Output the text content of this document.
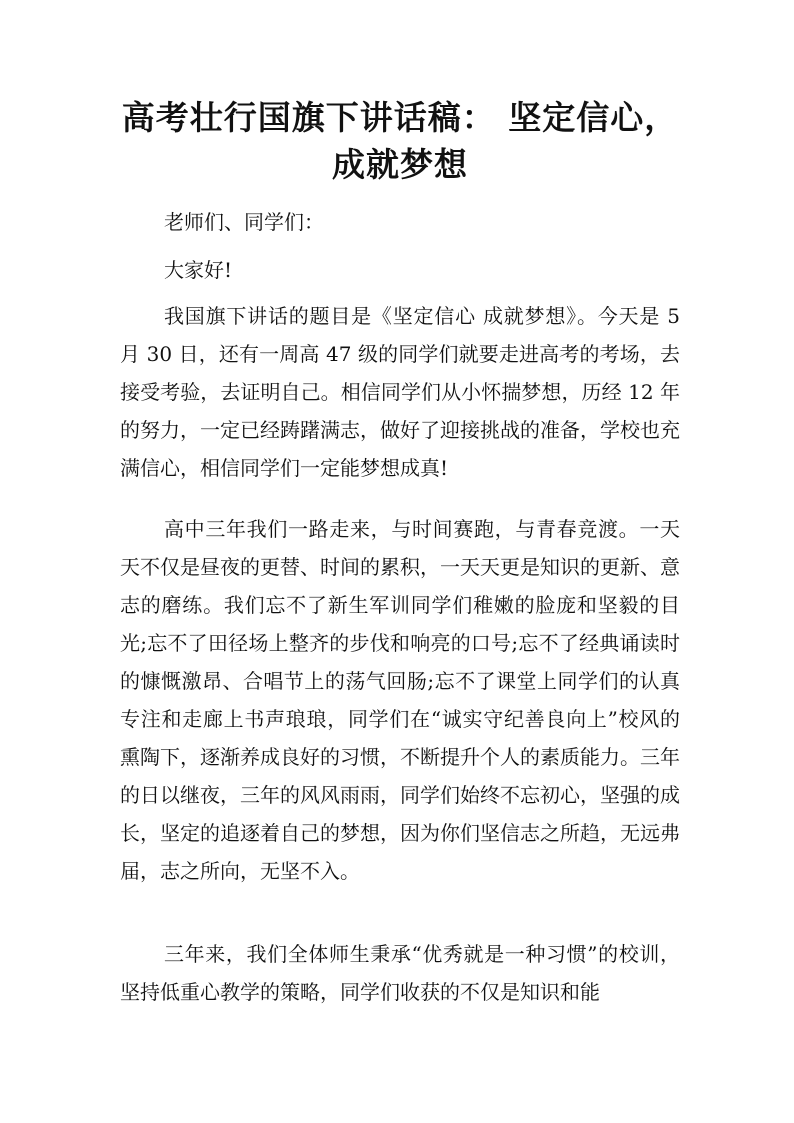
高考壮行国旗下讲话稿： 坚定信心，成就梦想
老师们、同学们：
大家好!
我国旗下讲话的题目是《坚定信心 成就梦想》。今天是 5 月 30 日，还有一周高 47 级的同学们就要走进高考的考场，去接受考验，去证明自己。相信同学们从小怀揣梦想，历经 12 年的努力，一定已经踌躇满志，做好了迎接挑战的准备，学校也充满信心，相信同学们一定能梦想成真!
高中三年我们一路走来，与时间赛跑，与青春竞渡。一天天不仅是昼夜的更替、时间的累积，一天天更是知识的更新、意志的磨练。我们忘不了新生军训同学们稚嫩的脸庞和坚毅的目光;忘不了田径场上整齐的步伐和响亮的口号;忘不了经典诵读时的慷慨激昂、合唱节上的荡气回肠;忘不了课堂上同学们的认真专注和走廊上书声琅琅，同学们在“诚实守纪善良向上”校风的熏陶下，逐渐养成良好的习惯，不断提升个人的素质能力。三年的日以继夜，三年的风风雨雨，同学们始终不忘初心，坚强的成长，坚定的追逐着自己的梦想，因为你们坚信志之所趋，无远弗届，志之所向，无坚不入。
三年来，我们全体师生秉承“优秀就是一种习惯”的校训，坚持低重心教学的策略，同学们收获的不仅是知识和能
